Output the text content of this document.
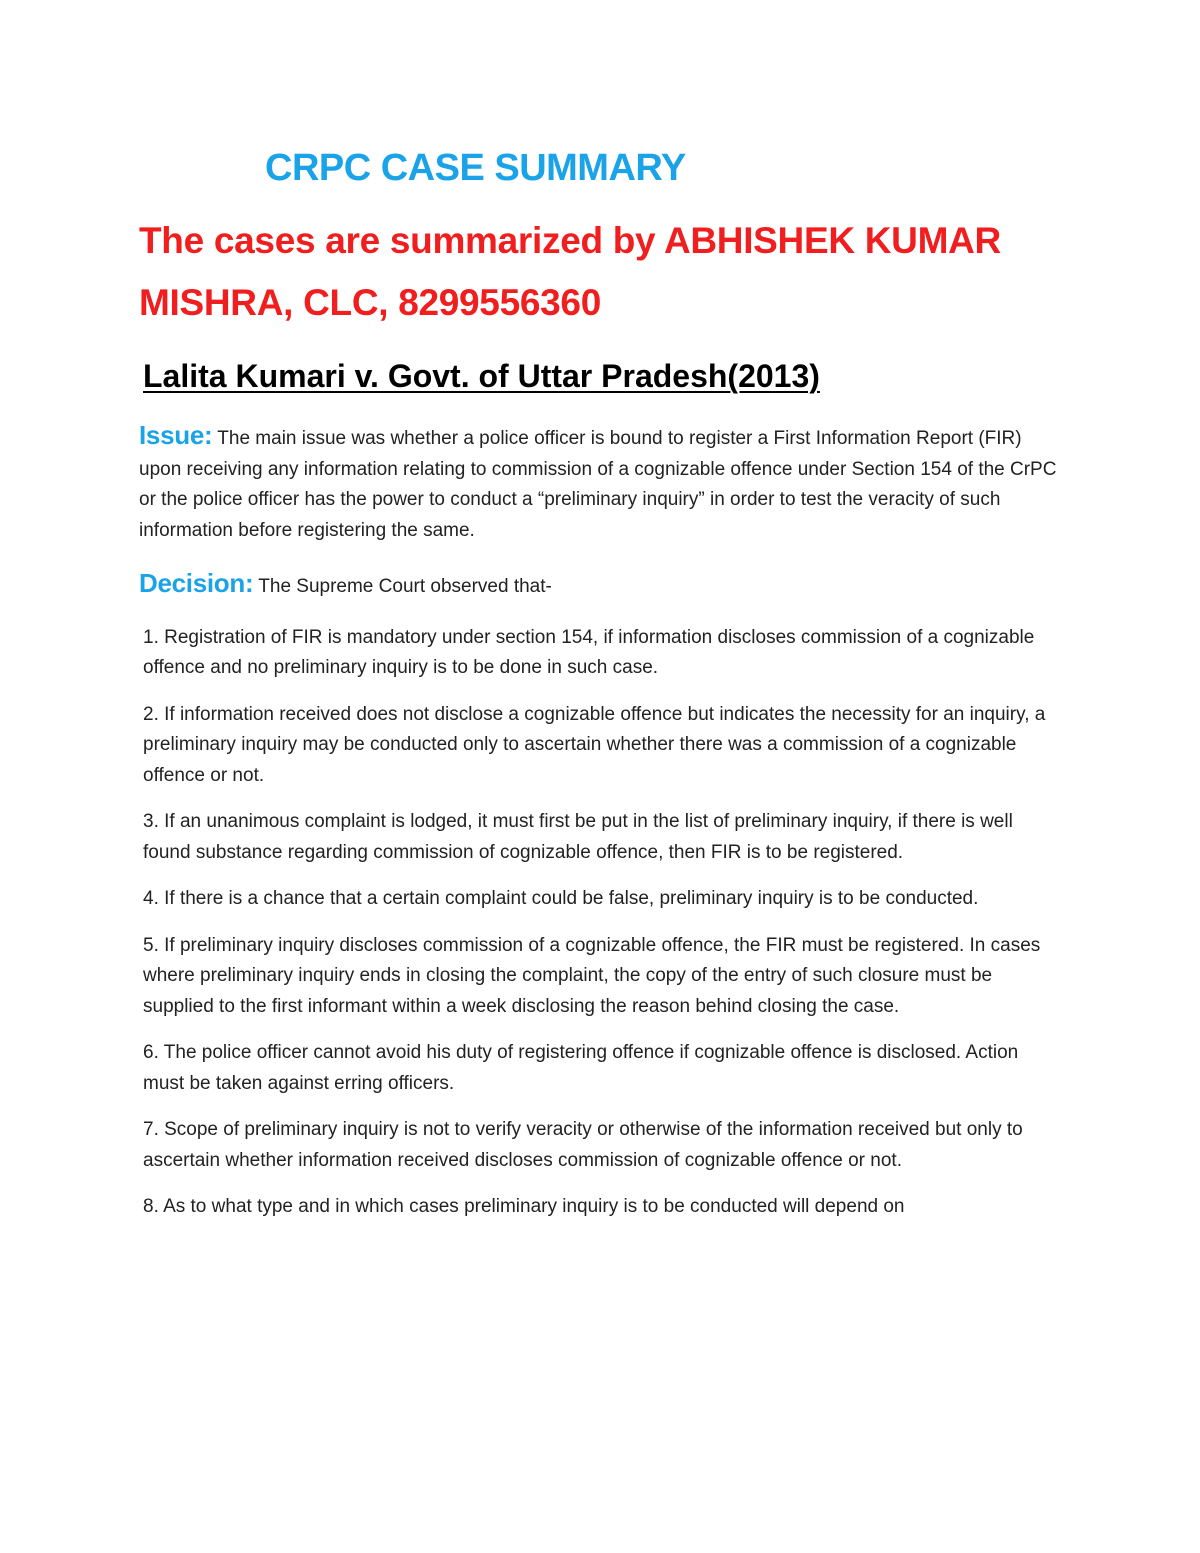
CRPC CASE SUMMARY
The cases are summarized by ABHISHEK KUMAR MISHRA, CLC, 8299556360
Lalita Kumari v. Govt. of Uttar Pradesh(2013)

Issue: The main issue was whether a police officer is bound to register a First Information Report (FIR) upon receiving any information relating to commission of a cognizable offence under Section 154 of the CrPC or the police officer has the power to conduct a “preliminary inquiry” in order to test the veracity of such information before registering the same.

Decision: The Supreme Court observed that-

1. Registration of FIR is mandatory under section 154, if information discloses commission of a cognizable offence and no preliminary inquiry is to be done in such case.

2. If information received does not disclose a cognizable offence but indicates the necessity for an inquiry, a preliminary inquiry may be conducted only to ascertain whether there was a commission of a cognizable offence or not.

3. If an unanimous complaint is lodged, it must first be put in the list of preliminary inquiry, if there is well found substance regarding commission of cognizable offence, then FIR is to be registered.

4. If there is a chance that a certain complaint could be false, preliminary inquiry is to be conducted.

5. If preliminary inquiry discloses commission of a cognizable offence, the FIR must be registered. In cases where preliminary inquiry ends in closing the complaint, the copy of the entry of such closure must be supplied to the first informant within a week disclosing the reason behind closing the case.

6. The police officer cannot avoid his duty of registering offence if cognizable offence is disclosed. Action must be taken against erring officers.

7. Scope of preliminary inquiry is not to verify veracity or otherwise of the information received but only to ascertain whether information received discloses commission of cognizable offence or not.

8. As to what type and in which cases preliminary inquiry is to be conducted will depend on
